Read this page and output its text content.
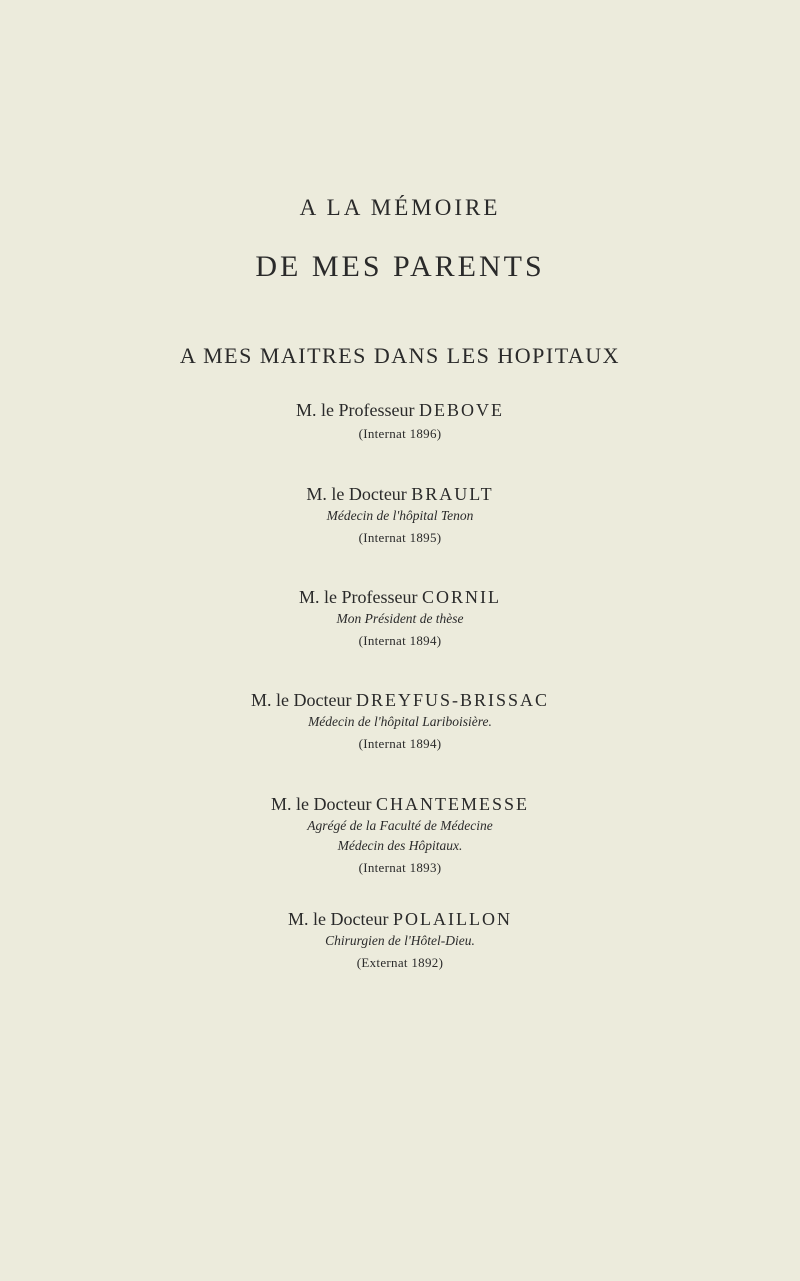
A LA MÉMOIRE
DE MES PARENTS
A MES MAITRES DANS LES HOPITAUX
M. le Professeur DEBOVE
(Internat 1896)
M. le Docteur BRAULT
Médecin de l'hôpital Tenon
(Internat 1895)
M. le Professeur CORNIL
Mon Président de thèse
(Internat 1894)
M. le Docteur DREYFUS-BRISSAC
Médecin de l'hôpital Lariboisière.
(Internat 1894)
M. le Docteur CHANTEMESSE
Agrégé de la Faculté de Médecine
Médecin des Hôpitaux.
(Internat 1893)
M. le Docteur POLAILLON
Chirurgien de l'Hôtel-Dieu.
(Externat 1892)
